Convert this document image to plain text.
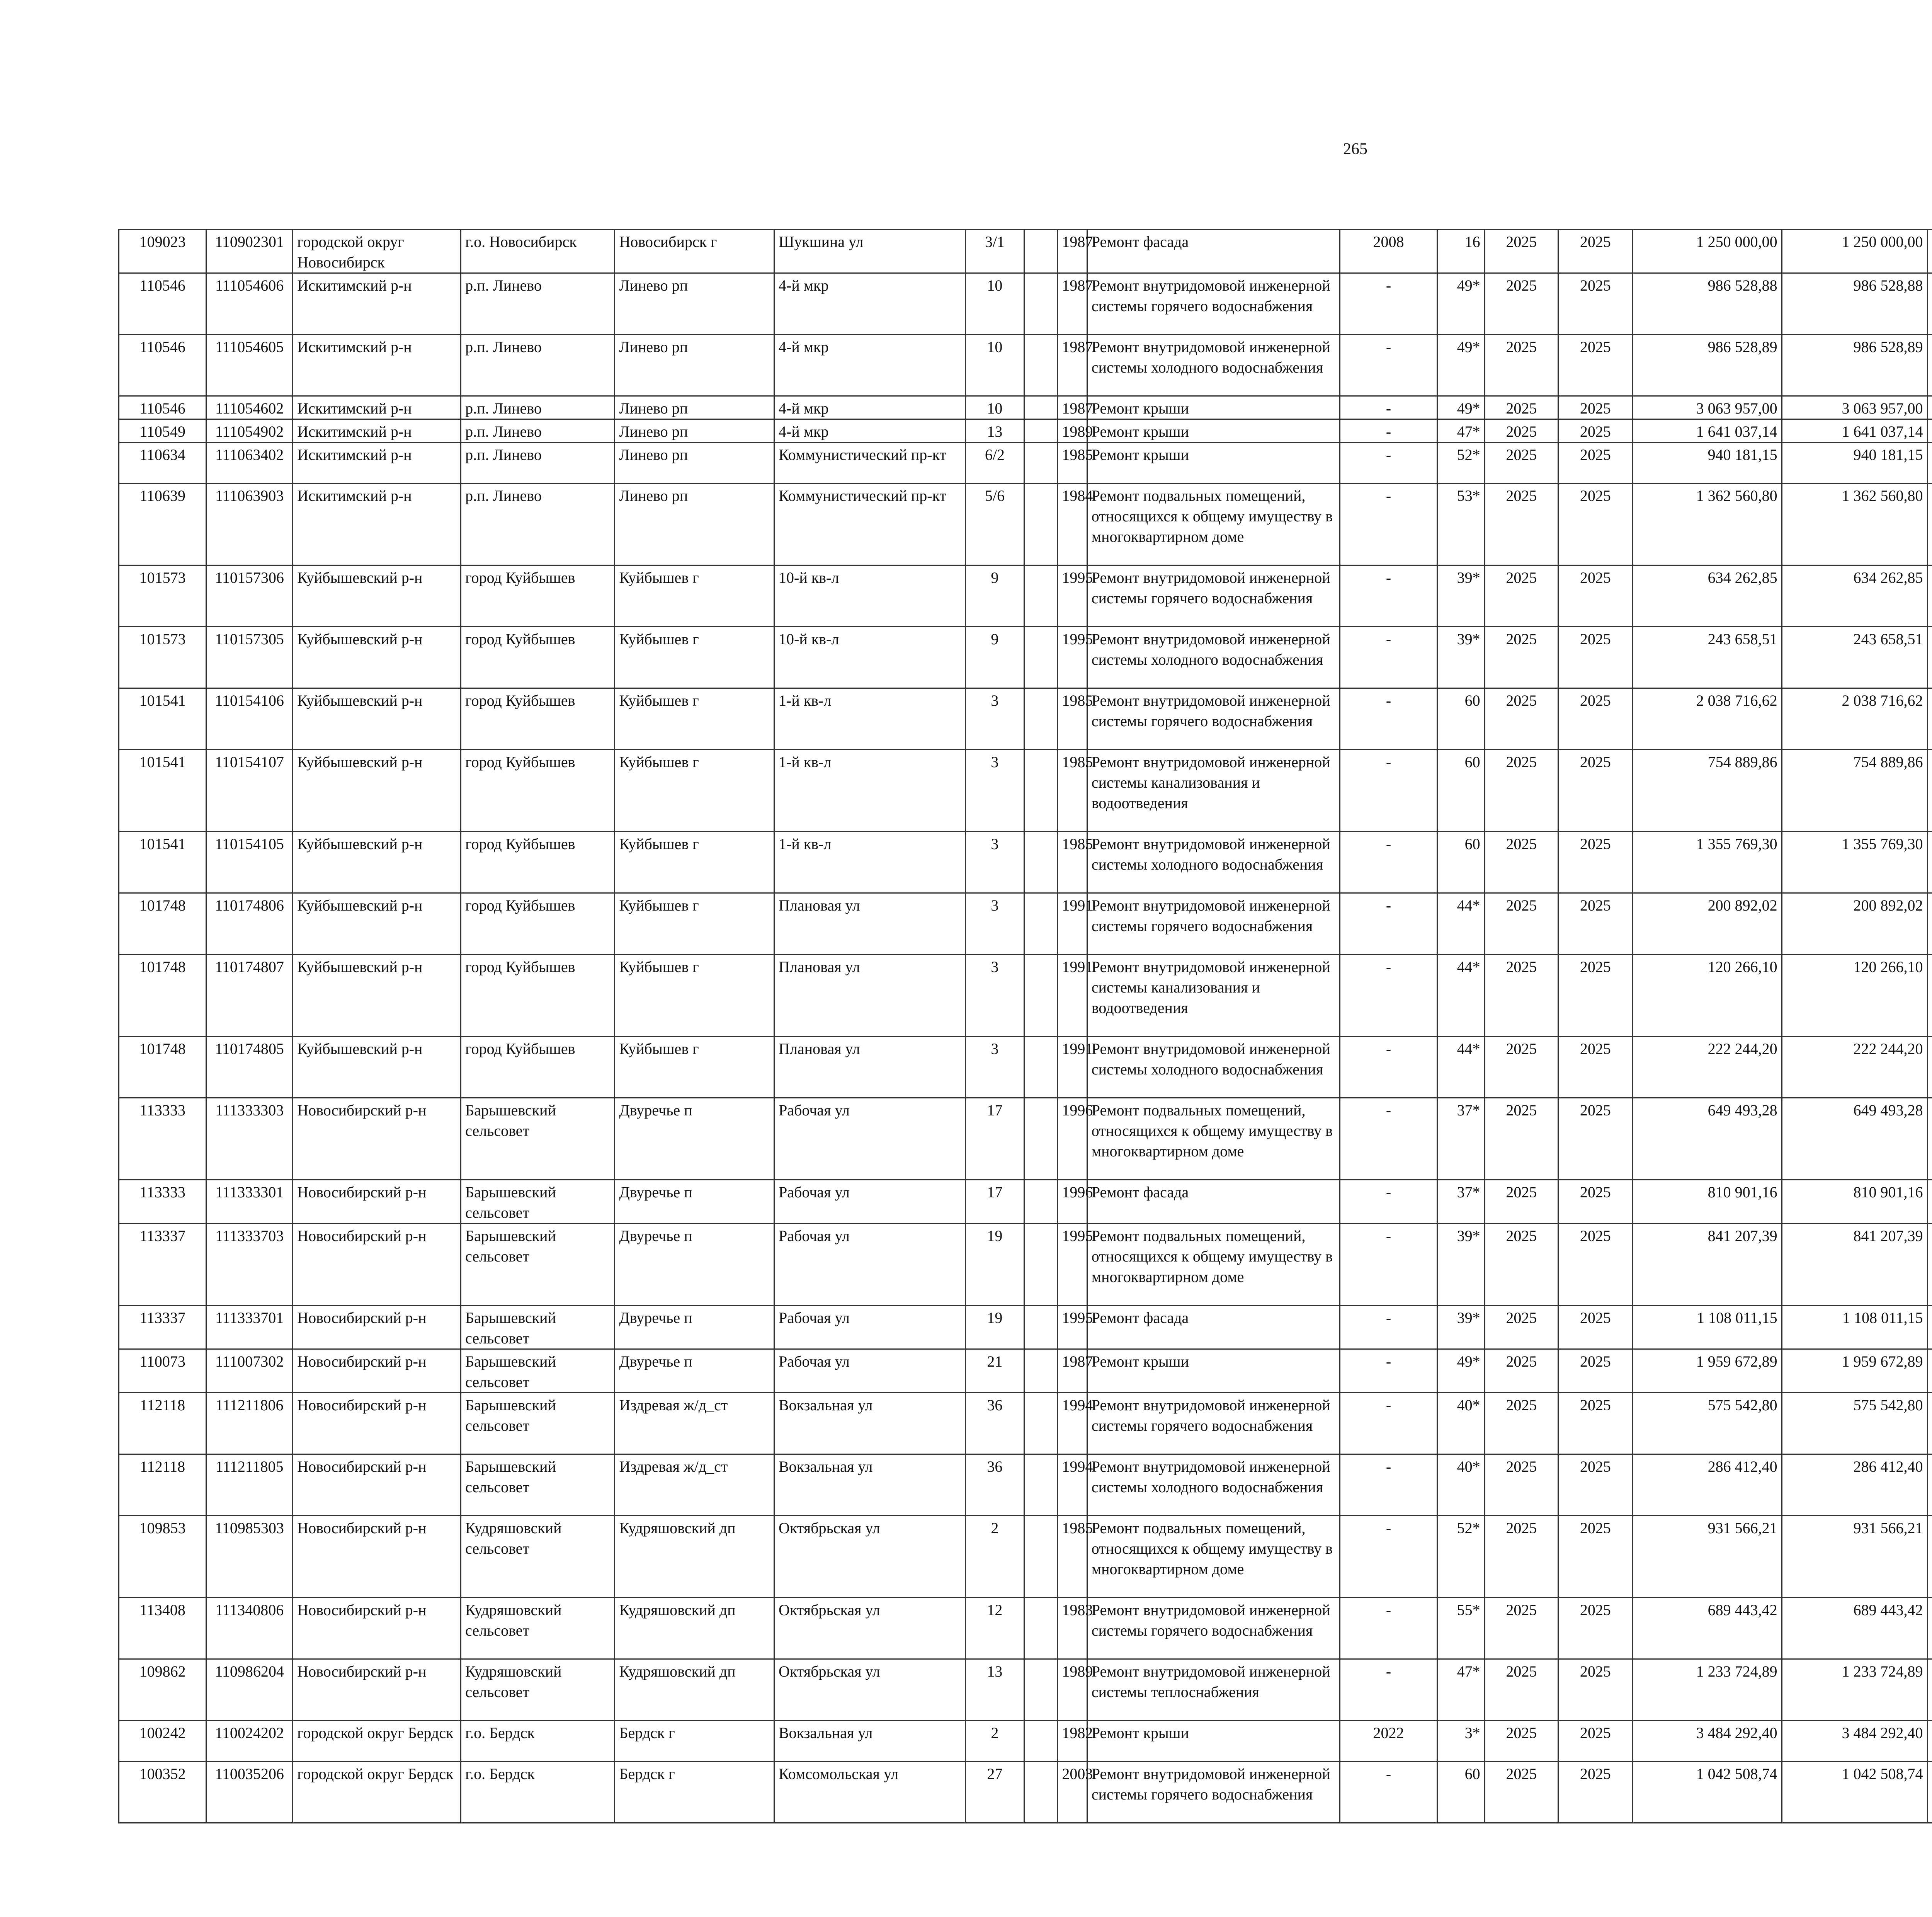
265
109023	110902301	городской округ Новосибирск	г.о. Новосибирск	Новосибирск г	Шукшина ул	3/1		1987	Ремонт фасада	2008	16	2025	2025	1 250 000,00	1 250 000,00						
110546	111054606	Искитимский р-н	р.п. Линево	Линево рп	4-й мкр	10		1987	Ремонт внутридомовой инженерной системы горячего водоснабжения	-	49*	2025	2025	986 528,88	986 528,88						
110546	111054605	Искитимский р-н	р.п. Линево	Линево рп	4-й мкр	10		1987	Ремонт внутридомовой инженерной системы холодного водоснабжения	-	49*	2025	2025	986 528,89	986 528,89						
110546	111054602	Искитимский р-н	р.п. Линево	Линево рп	4-й мкр	10		1987	Ремонт крыши	-	49*	2025	2025	3 063 957,00	3 063 957,00						
110549	111054902	Искитимский р-н	р.п. Линево	Линево рп	4-й мкр	13		1989	Ремонт крыши	-	47*	2025	2025	1 641 037,14	1 641 037,14						
110634	111063402	Искитимский р-н	р.п. Линево	Линево рп	Коммунистический пр-кт	6/2		1985	Ремонт крыши	-	52*	2025	2025	940 181,15	940 181,15						
110639	111063903	Искитимский р-н	р.п. Линево	Линево рп	Коммунистический пр-кт	5/6		1984	Ремонт подвальных помещений, относящихся к общему имуществу в многоквартирном доме	-	53*	2025	2025	1 362 560,80	1 362 560,80						
101573	110157306	Куйбышевский р-н	город Куйбышев	Куйбышев г	10-й кв-л	9		1995	Ремонт внутридомовой инженерной системы горячего водоснабжения	-	39*	2025	2025	634 262,85	634 262,85						
101573	110157305	Куйбышевский р-н	город Куйбышев	Куйбышев г	10-й кв-л	9		1995	Ремонт внутридомовой инженерной системы холодного водоснабжения	-	39*	2025	2025	243 658,51	243 658,51						
101541	110154106	Куйбышевский р-н	город Куйбышев	Куйбышев г	1-й кв-л	3		1985	Ремонт внутридомовой инженерной системы горячего водоснабжения	-	60	2025	2025	2 038 716,62	2 038 716,62						
101541	110154107	Куйбышевский р-н	город Куйбышев	Куйбышев г	1-й кв-л	3		1985	Ремонт внутридомовой инженерной системы канализования и водоотведения	-	60	2025	2025	754 889,86	754 889,86						
101541	110154105	Куйбышевский р-н	город Куйбышев	Куйбышев г	1-й кв-л	3		1985	Ремонт внутридомовой инженерной системы холодного водоснабжения	-	60	2025	2025	1 355 769,30	1 355 769,30						
101748	110174806	Куйбышевский р-н	город Куйбышев	Куйбышев г	Плановая ул	3		1991	Ремонт внутридомовой инженерной системы горячего водоснабжения	-	44*	2025	2025	200 892,02	200 892,02						
101748	110174807	Куйбышевский р-н	город Куйбышев	Куйбышев г	Плановая ул	3		1991	Ремонт внутридомовой инженерной системы канализования и водоотведения	-	44*	2025	2025	120 266,10	120 266,10						
101748	110174805	Куйбышевский р-н	город Куйбышев	Куйбышев г	Плановая ул	3		1991	Ремонт внутридомовой инженерной системы холодного водоснабжения	-	44*	2025	2025	222 244,20	222 244,20						
113333	111333303	Новосибирский р-н	Барышевский сельсовет	Двуречье п	Рабочая ул	17		1996	Ремонт подвальных помещений, относящихся к общему имуществу в многоквартирном доме	-	37*	2025	2025	649 493,28	649 493,28						
113333	111333301	Новосибирский р-н	Барышевский сельсовет	Двуречье п	Рабочая ул	17		1996	Ремонт фасада	-	37*	2025	2025	810 901,16	810 901,16						
113337	111333703	Новосибирский р-н	Барышевский сельсовет	Двуречье п	Рабочая ул	19		1995	Ремонт подвальных помещений, относящихся к общему имуществу в многоквартирном доме	-	39*	2025	2025	841 207,39	841 207,39						
113337	111333701	Новосибирский р-н	Барышевский сельсовет	Двуречье п	Рабочая ул	19		1995	Ремонт фасада	-	39*	2025	2025	1 108 011,15	1 108 011,15						
110073	111007302	Новосибирский р-н	Барышевский сельсовет	Двуречье п	Рабочая ул	21		1987	Ремонт крыши	-	49*	2025	2025	1 959 672,89	1 959 672,89						
112118	111211806	Новосибирский р-н	Барышевский сельсовет	Издревая ж/д_ст	Вокзальная ул	36		1994	Ремонт внутридомовой инженерной системы горячего водоснабжения	-	40*	2025	2025	575 542,80	575 542,80						
112118	111211805	Новосибирский р-н	Барышевский сельсовет	Издревая ж/д_ст	Вокзальная ул	36		1994	Ремонт внутридомовой инженерной системы холодного водоснабжения	-	40*	2025	2025	286 412,40	286 412,40						
109853	110985303	Новосибирский р-н	Кудряшовский сельсовет	Кудряшовский дп	Октябрьская ул	2		1985	Ремонт подвальных помещений, относящихся к общему имуществу в многоквартирном доме	-	52*	2025	2025	931 566,21	931 566,21						
113408	111340806	Новосибирский р-н	Кудряшовский сельсовет	Кудряшовский дп	Октябрьская ул	12		1983	Ремонт внутридомовой инженерной системы горячего водоснабжения	-	55*	2025	2025	689 443,42	689 443,42						
109862	110986204	Новосибирский р-н	Кудряшовский сельсовет	Кудряшовский дп	Октябрьская ул	13		1989	Ремонт внутридомовой инженерной системы теплоснабжения	-	47*	2025	2025	1 233 724,89	1 233 724,89						
100242	110024202	городской округ Бердск	г.о. Бердск	Бердск г	Вокзальная ул	2		1982	Ремонт крыши	2022	3*	2025	2025	3 484 292,40	3 484 292,40						
100352	110035206	городской округ Бердск	г.о. Бердск	Бердск г	Комсомольская ул	27		2003	Ремонт внутридомовой инженерной системы горячего водоснабжения	-	60	2025	2025	1 042 508,74	1 042 508,74						
